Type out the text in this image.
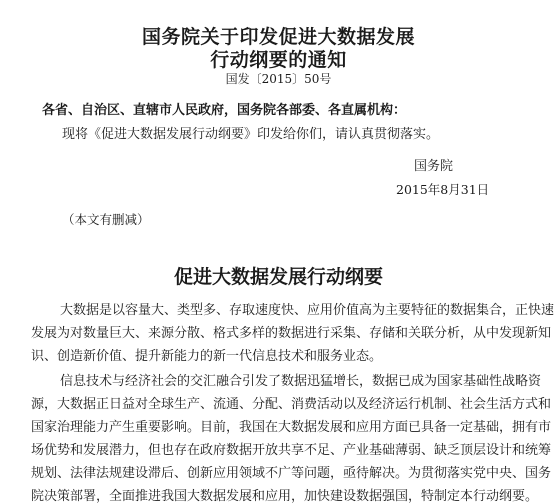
国务院关于印发促进大数据发展
行动纲要的通知
国发〔2015〕50号
各省、自治区、直辖市人民政府，国务院各部委、各直属机构：
现将《促进大数据发展行动纲要》印发给你们，请认真贯彻落实。
国务院
2015年8月31日
（本文有删减）
促进大数据发展行动纲要
大数据是以容量大、类型多、存取速度快、应用价值高为主要特征的数据集合，正快速
发展为对数量巨大、来源分散、格式多样的数据进行采集、存储和关联分析，从中发现新知
识、创造新价值、提升新能力的新一代信息技术和服务业态。
信息技术与经济社会的交汇融合引发了数据迅猛增长，数据已成为国家基础性战略资
源，大数据正日益对全球生产、流通、分配、消费活动以及经济运行机制、社会生活方式和
国家治理能力产生重要影响。目前，我国在大数据发展和应用方面已具备一定基础，拥有市
场优势和发展潜力，但也存在政府数据开放共享不足、产业基础薄弱、缺乏顶层设计和统筹
规划、法律法规建设滞后、创新应用领域不广等问题，亟待解决。为贯彻落实党中央、国务
院决策部署，全面推进我国大数据发展和应用，加快建设数据强国，特制定本行动纲要。
